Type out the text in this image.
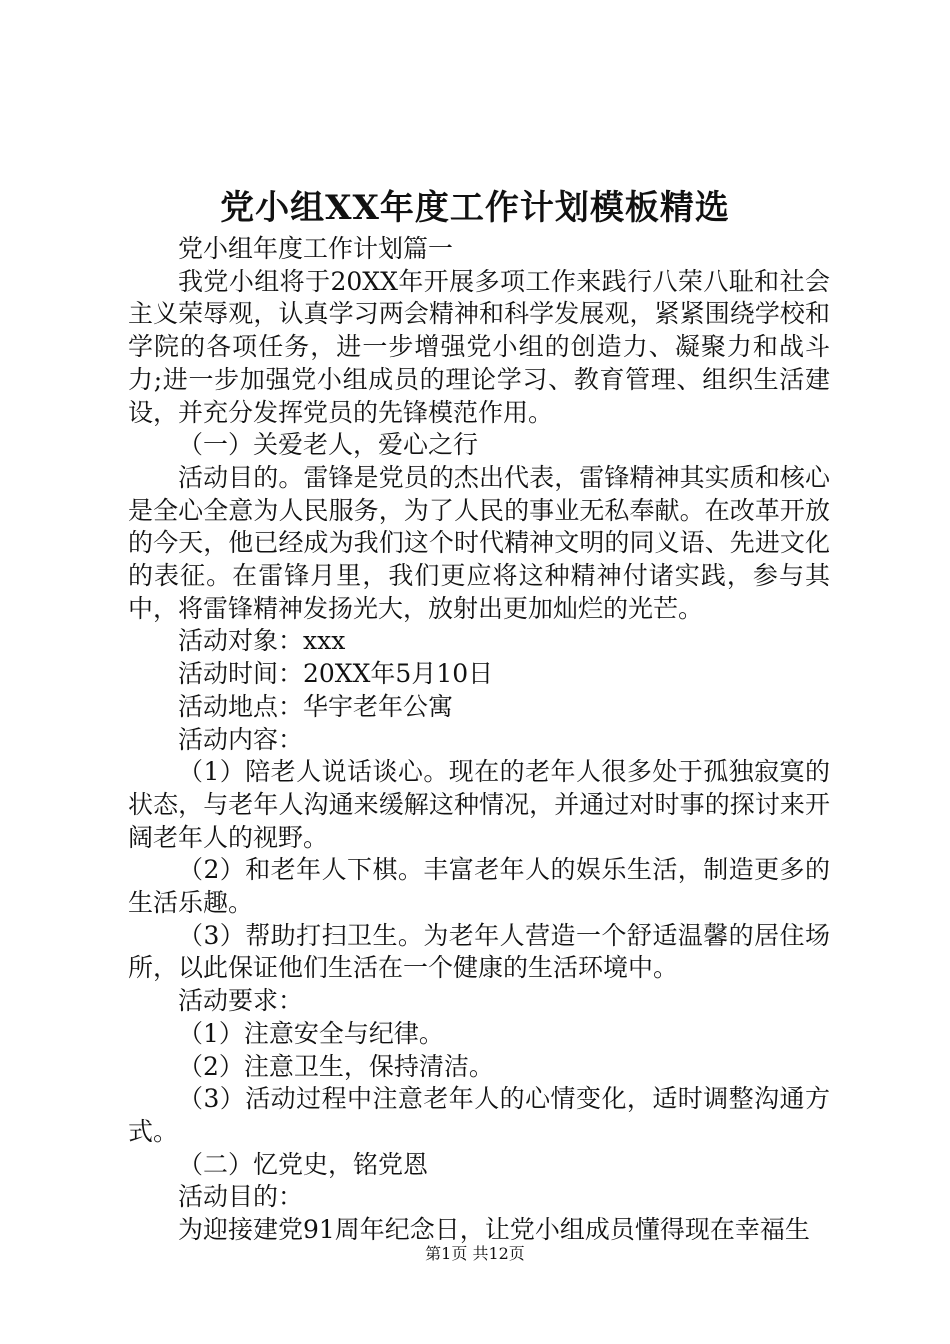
党小组XX年度工作计划模板精选

党小组年度工作计划篇一

我党小组将于20XX年开展多项工作来践行八荣八耻和社会主义荣辱观，认真学习两会精神和科学发展观，紧紧围绕学校和学院的各项任务，进一步增强党小组的创造力、凝聚力和战斗力;进一步加强党小组成员的理论学习、教育管理、组织生活建设，并充分发挥党员的先锋模范作用。

（一）关爱老人，爱心之行

活动目的。雷锋是党员的杰出代表，雷锋精神其实质和核心是全心全意为人民服务，为了人民的事业无私奉献。在改革开放的今天，他已经成为我们这个时代精神文明的同义语、先进文化的表征。在雷锋月里，我们更应将这种精神付诸实践，参与其中，将雷锋精神发扬光大，放射出更加灿烂的光芒。

活动对象：xxx

活动时间：20XX年5月10日

活动地点：华宇老年公寓

活动内容：

（1）陪老人说话谈心。现在的老年人很多处于孤独寂寞的状态，与老年人沟通来缓解这种情况，并通过对时事的探讨来开阔老年人的视野。

（2）和老年人下棋。丰富老年人的娱乐生活，制造更多的生活乐趣。

（3）帮助打扫卫生。为老年人营造一个舒适温馨的居住场所，以此保证他们生活在一个健康的生活环境中。

活动要求：

（1）注意安全与纪律。

（2）注意卫生，保持清洁。

（3）活动过程中注意老年人的心情变化，适时调整沟通方式。

（二）忆党史，铭党恩

活动目的：

为迎接建党91周年纪念日，让党小组成员懂得现在幸福生

第1页 共12页
